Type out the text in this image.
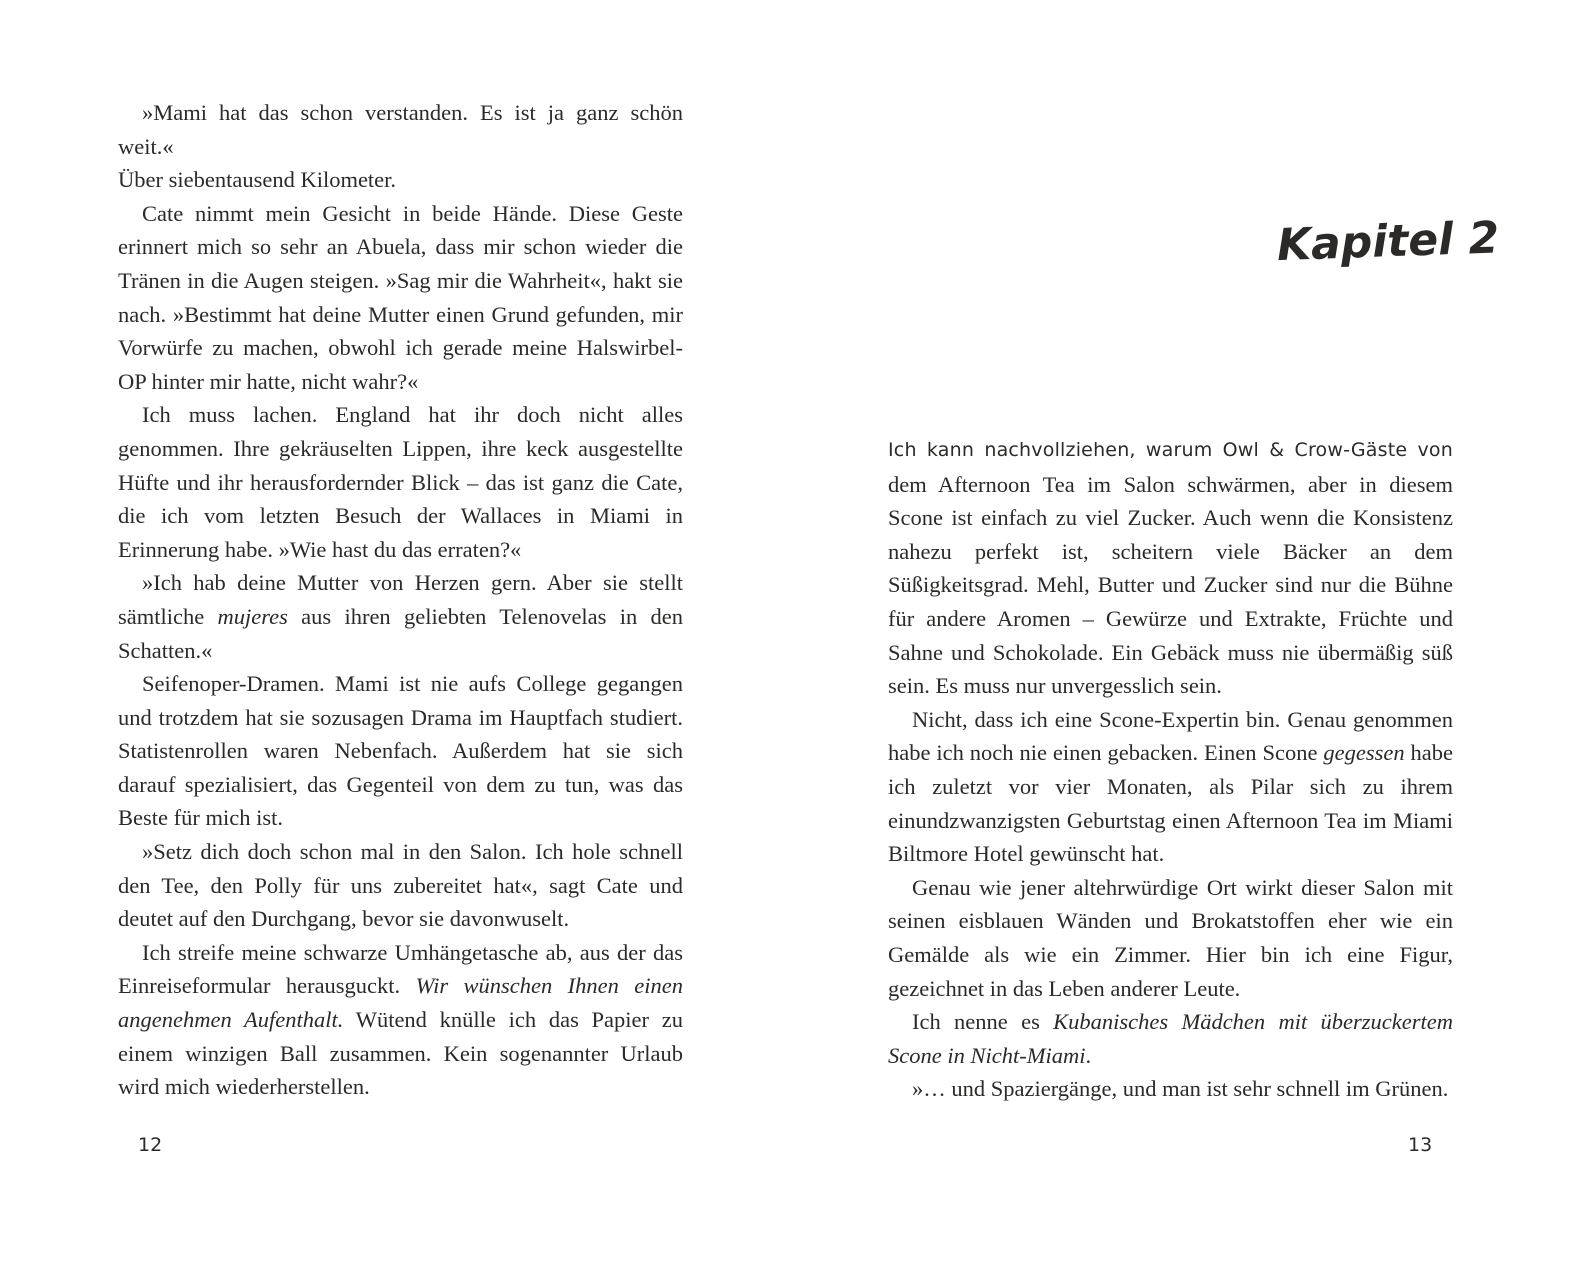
»Mami hat das schon verstanden. Es ist ja ganz schön weit.«

Über siebentausend Kilometer.

Cate nimmt mein Gesicht in beide Hände. Diese Geste erinnert mich so sehr an Abuela, dass mir schon wieder die Tränen in die Augen steigen. »Sag mir die Wahrheit«, hakt sie nach. »Bestimmt hat deine Mutter einen Grund gefunden, mir Vorwürfe zu machen, obwohl ich gerade meine Halswirbel-OP hinter mir hatte, nicht wahr?«

Ich muss lachen. England hat ihr doch nicht alles genommen. Ihre gekräuselten Lippen, ihre keck ausgestellte Hüfte und ihr herausfordernder Blick – das ist ganz die Cate, die ich vom letzten Besuch der Wallaces in Miami in Erinnerung habe. »Wie hast du das erraten?«

»Ich hab deine Mutter von Herzen gern. Aber sie stellt sämtliche mujeres aus ihren geliebten Telenovelas in den Schatten.«

Seifenoper-Dramen. Mami ist nie aufs College gegangen und trotzdem hat sie sozusagen Drama im Hauptfach studiert. Statistenrollen waren Nebenfach. Außerdem hat sie sich darauf spezialisiert, das Gegenteil von dem zu tun, was das Beste für mich ist.

»Setz dich doch schon mal in den Salon. Ich hole schnell den Tee, den Polly für uns zubereitet hat«, sagt Cate und deutet auf den Durchgang, bevor sie davonwuselt.

Ich streife meine schwarze Umhängetasche ab, aus der das Einreiseformular herausguckt. Wir wünschen Ihnen einen angenehmen Aufenthalt. Wütend knülle ich das Papier zu einem winzigen Ball zusammen. Kein sogenannter Urlaub wird mich wiederherstellen.

12
Kapitel 2

Ich kann nachvollziehen, warum Owl & Crow-Gäste von dem Afternoon Tea im Salon schwärmen, aber in diesem Scone ist einfach zu viel Zucker. Auch wenn die Konsistenz nahezu perfekt ist, scheitern viele Bäcker an dem Süßigkeitsgrad. Mehl, Butter und Zucker sind nur die Bühne für andere Aromen – Gewürze und Extrakte, Früchte und Sahne und Schokolade. Ein Gebäck muss nie übermäßig süß sein. Es muss nur unvergesslich sein.

Nicht, dass ich eine Scone-Expertin bin. Genau genommen habe ich noch nie einen gebacken. Einen Scone gegessen habe ich zuletzt vor vier Monaten, als Pilar sich zu ihrem einundzwanzigsten Geburtstag einen Afternoon Tea im Miami Biltmore Hotel gewünscht hat.

Genau wie jener altehrwürdige Ort wirkt dieser Salon mit seinen eisblauen Wänden und Brokatstoffen eher wie ein Gemälde als wie ein Zimmer. Hier bin ich eine Figur, gezeichnet in das Leben anderer Leute.

Ich nenne es Kubanisches Mädchen mit überzuckertem Scone in Nicht-Miami.

»… und Spaziergänge, und man ist sehr schnell im Grünen.

13
